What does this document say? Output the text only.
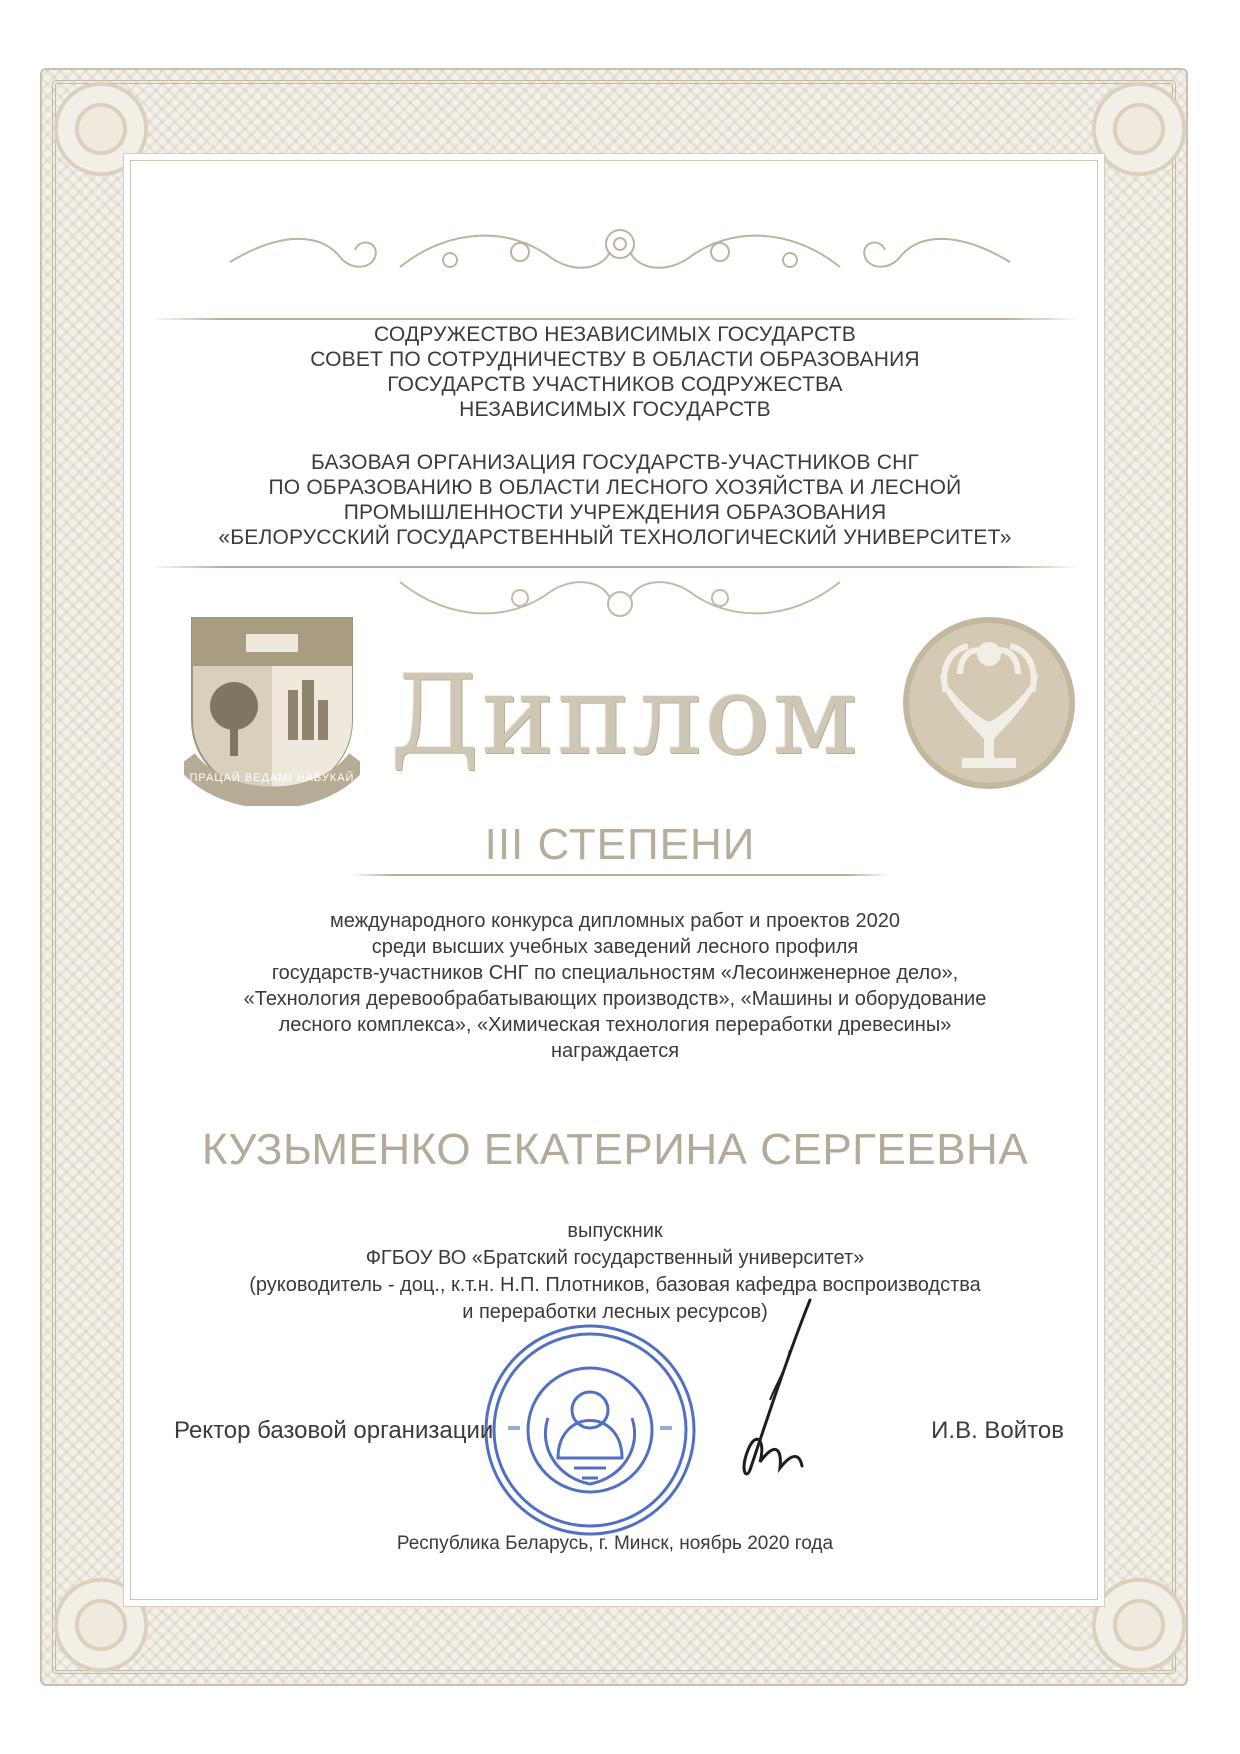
СОДРУЖЕСТВО НЕЗАВИСИМЫХ ГОСУДАРСТВ
СОВЕТ ПО СОТРУДНИЧЕСТВУ В ОБЛАСТИ ОБРАЗОВАНИЯ
ГОСУДАРСТВ УЧАСТНИКОВ СОДРУЖЕСТВА
НЕЗАВИСИМЫХ ГОСУДАРСТВ
БАЗОВАЯ ОРГАНИЗАЦИЯ ГОСУДАРСТВ-УЧАСТНИКОВ СНГ
ПО ОБРАЗОВАНИЮ В ОБЛАСТИ ЛЕСНОГО ХОЗЯЙСТВА И ЛЕСНОЙ
ПРОМЫШЛЕННОСТИ УЧРЕЖДЕНИЯ ОБРАЗОВАНИЯ
«БЕЛОРУССКИЙ ГОСУДАРСТВЕННЫЙ ТЕХНОЛОГИЧЕСКИЙ УНИВЕРСИТЕТ»
ПРАЦАЙ ВЕДАМІ НАВУКАЙ Диплом
III СТЕПЕНИ
международного конкурса дипломных работ и проектов 2020
среди высших учебных заведений лесного профиля
государств-участников СНГ по специальностям «Лесоинженерное дело»,
«Технология деревообрабатывающих производств», «Машины и оборудование
лесного комплекса», «Химическая технология переработки древесины»
награждается
КУЗЬМЕНКО ЕКАТЕРИНА СЕРГЕЕВНА
выпускник
ФГБОУ ВО «Братский государственный университет»
(руководитель - доц., к.т.н. Н.П. Плотников, базовая кафедра воспроизводства
и переработки лесных ресурсов)
Ректор базовой организации	И.В. Войтов
Республика Беларусь, г. Минск, ноябрь 2020 года
